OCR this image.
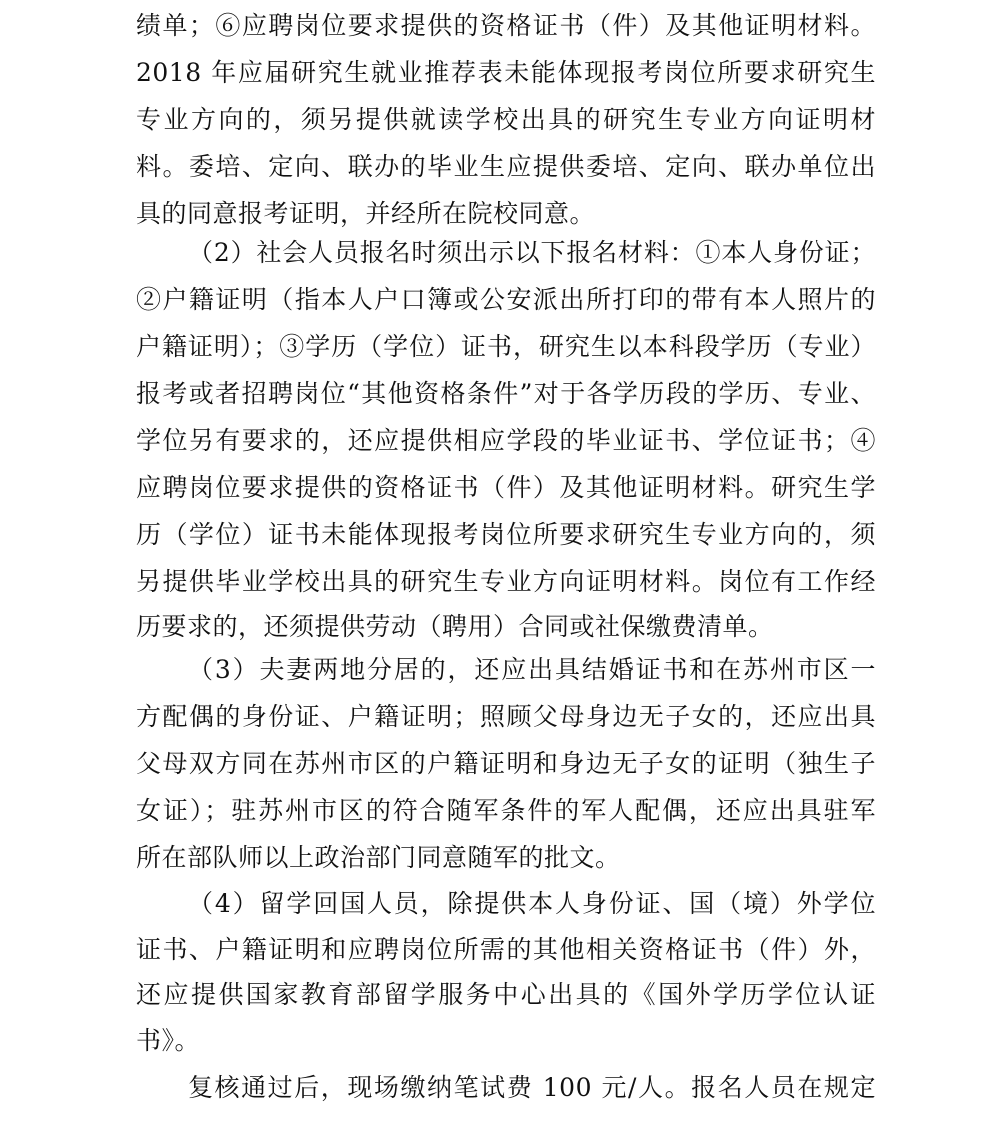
绩单；⑥应聘岗位要求提供的资格证书（件）及其他证明材料。
2018 年应届研究生就业推荐表未能体现报考岗位所要求研究生
专业方向的，须另提供就读学校出具的研究生专业方向证明材
料。委培、定向、联办的毕业生应提供委培、定向、联办单位出
具的同意报考证明，并经所在院校同意。
（2）社会人员报名时须出示以下报名材料：①本人身份证；
②户籍证明（指本人户口簿或公安派出所打印的带有本人照片的
户籍证明）；③学历（学位）证书，研究生以本科段学历（专业）
报考或者招聘岗位“其他资格条件”对于各学历段的学历、专业、
学位另有要求的，还应提供相应学段的毕业证书、学位证书；④
应聘岗位要求提供的资格证书（件）及其他证明材料。研究生学
历（学位）证书未能体现报考岗位所要求研究生专业方向的，须
另提供毕业学校出具的研究生专业方向证明材料。岗位有工作经
历要求的，还须提供劳动（聘用）合同或社保缴费清单。
（3）夫妻两地分居的，还应出具结婚证书和在苏州市区一
方配偶的身份证、户籍证明；照顾父母身边无子女的，还应出具
父母双方同在苏州市区的户籍证明和身边无子女的证明（独生子
女证）；驻苏州市区的符合随军条件的军人配偶，还应出具驻军
所在部队师以上政治部门同意随军的批文。
（4）留学回国人员，除提供本人身份证、国（境）外学位
证书、户籍证明和应聘岗位所需的其他相关资格证书（件）外，
还应提供国家教育部留学服务中心出具的《国外学历学位认证
书》。
复核通过后，现场缴纳笔试费 100 元/人。报名人员在规定
